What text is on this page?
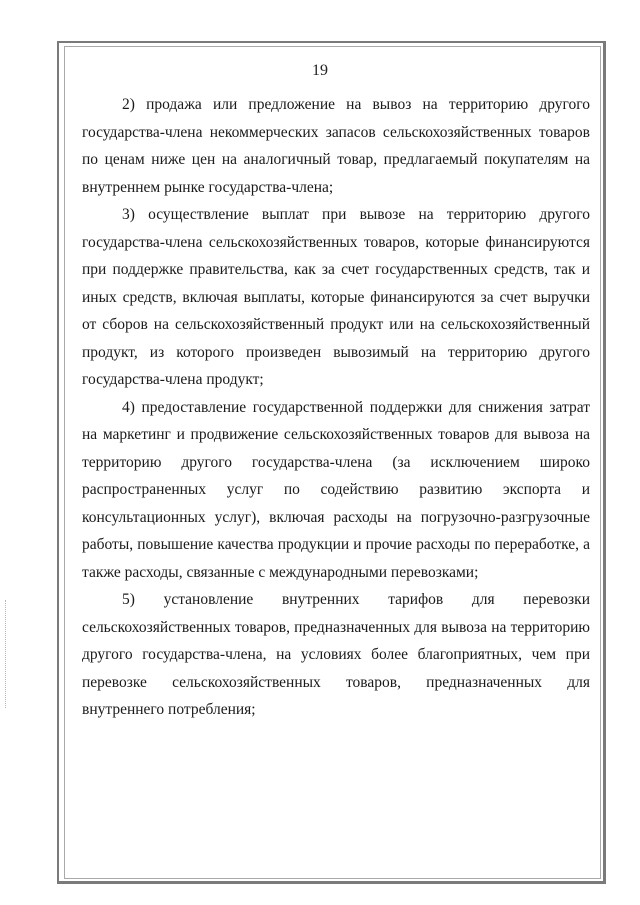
19

2) продажа или предложение на вывоз на территорию другого государства-члена некоммерческих запасов сельскохозяйственных товаров по ценам ниже цен на аналогичный товар, предлагаемый покупателям на внутреннем рынке государства-члена;

3) осуществление выплат при вывозе на территорию другого государства-члена сельскохозяйственных товаров, которые финансируются при поддержке правительства, как за счет государственных средств, так и иных средств, включая выплаты, которые финансируются за счет выручки от сборов на сельскохозяйственный продукт или на сельскохозяйственный продукт, из которого произведен вывозимый на территорию другого государства-члена продукт;

4) предоставление государственной поддержки для снижения затрат на маркетинг и продвижение сельскохозяйственных товаров для вывоза на территорию другого государства-члена (за исключением широко распространенных услуг по содействию развитию экспорта и консультационных услуг), включая расходы на погрузочно-разгрузочные работы, повышение качества продукции и прочие расходы по переработке, а также расходы, связанные с международными перевозками;

5) установление внутренних тарифов для перевозки сельскохозяйственных товаров, предназначенных для вывоза на территорию другого государства-члена, на условиях более благоприятных, чем при перевозке сельскохозяйственных товаров, предназначенных для внутреннего потребления;
